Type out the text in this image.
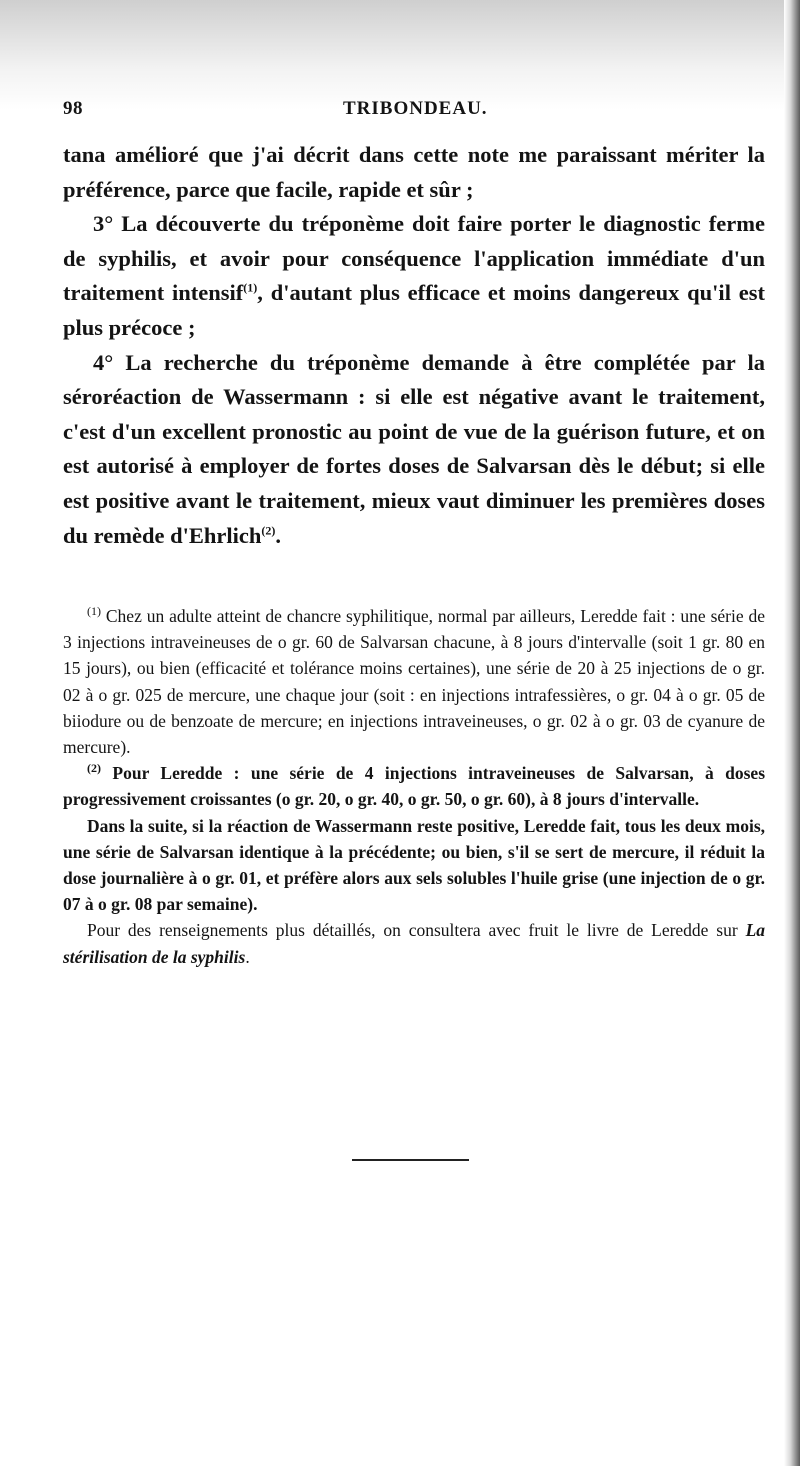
98	TRIBONDEAU.

tana amélioré que j'ai décrit dans cette note me paraissant mériter la préférence, parce que facile, rapide et sûr ;

3° La découverte du tréponème doit faire porter le diagnostic ferme de syphilis, et avoir pour conséquence l'application immédiate d'un traitement intensif$^{(1)}$, d'autant plus efficace et moins dangereux qu'il est plus précoce ;

4° La recherche du tréponème demande à être complétée par la séroréaction de Wassermann : si elle est négative avant le traitement, c'est d'un excellent pronostic au point de vue de la guérison future, et on est autorisé à employer de fortes doses de Salvarsan dès le début; si elle est positive avant le traitement, mieux vaut diminuer les premières doses du remède d'Ehrlich$^{(2)}$.

$^{(1)}$ Chez un adulte atteint de chancre syphilitique, normal par ailleurs, Leredde fait : une série de 3 injections intraveineuses de o gr. 60 de Salvarsan chacune, à 8 jours d'intervalle (soit 1 gr. 80 en 15 jours), ou bien (efficacité et tolérance moins certaines), une série de 20 à 25 injections de o gr. 02 à o gr. 025 de mercure, une chaque jour (soit : en injections intrafessières, o gr. 04 à o gr. 05 de biiodure ou de benzoate de mercure; en injections intraveineuses, o gr. 02 à o gr. 03 de cyanure de mercure).

$^{(2)}$ Pour Leredde : une série de 4 injections intraveineuses de Salvarsan, à doses progressivement croissantes (o gr. 20, o gr. 40, o gr. 50, o gr. 60), à 8 jours d'intervalle.

Dans la suite, si la réaction de Wassermann reste positive, Leredde fait, tous les deux mois, une série de Salvarsan identique à la précédente; ou bien, s'il se sert de mercure, il réduit la dose journalière à o gr. 01, et préfère alors aux sels solubles l'huile grise (une injection de o gr. 07 à o gr. 08 par semaine).

Pour des renseignements plus détaillés, on consultera avec fruit le livre de Leredde sur La stérilisation de la syphilis.
